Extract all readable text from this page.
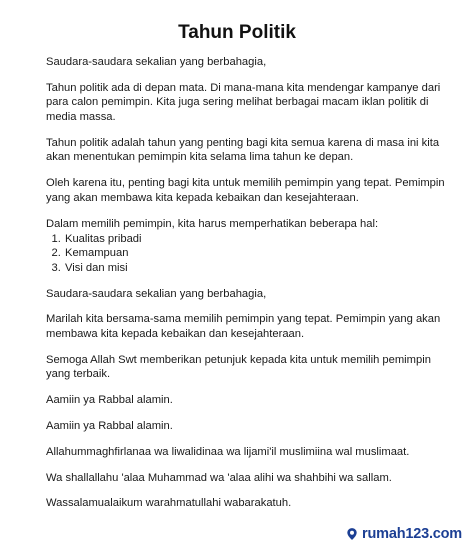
Tahun Politik

Saudara-saudara sekalian yang berbahagia,

Tahun politik ada di depan mata. Di mana-mana kita mendengar kampanye dari para calon pemimpin. Kita juga sering melihat berbagai macam iklan politik di media massa.

Tahun politik adalah tahun yang penting bagi kita semua karena di masa ini kita akan menentukan pemimpin kita selama lima tahun ke depan.

Oleh karena itu, penting bagi kita untuk memilih pemimpin yang tepat. Pemimpin yang akan membawa kita kepada kebaikan dan kesejahteraan.

Dalam memilih pemimpin, kita harus memperhatikan beberapa hal:

1. Kualitas pribadi
2. Kemampuan
3. Visi dan misi

Saudara-saudara sekalian yang berbahagia,

Marilah kita bersama-sama memilih pemimpin yang tepat. Pemimpin yang akan membawa kita kepada kebaikan dan kesejahteraan.

Semoga Allah Swt memberikan petunjuk kepada kita untuk memilih pemimpin yang terbaik.

Aamiin ya Rabbal alamin.

Aamiin ya Rabbal alamin.

Allahummaghfirlanaa wa liwalidinaa wa lijami'il muslimiina wal muslimaat.

Wa shallallahu 'alaa Muhammad wa 'alaa alihi wa shahbihi wa sallam.

Wassalamualaikum warahmatullahi wabarakatuh.

rumah123.com
